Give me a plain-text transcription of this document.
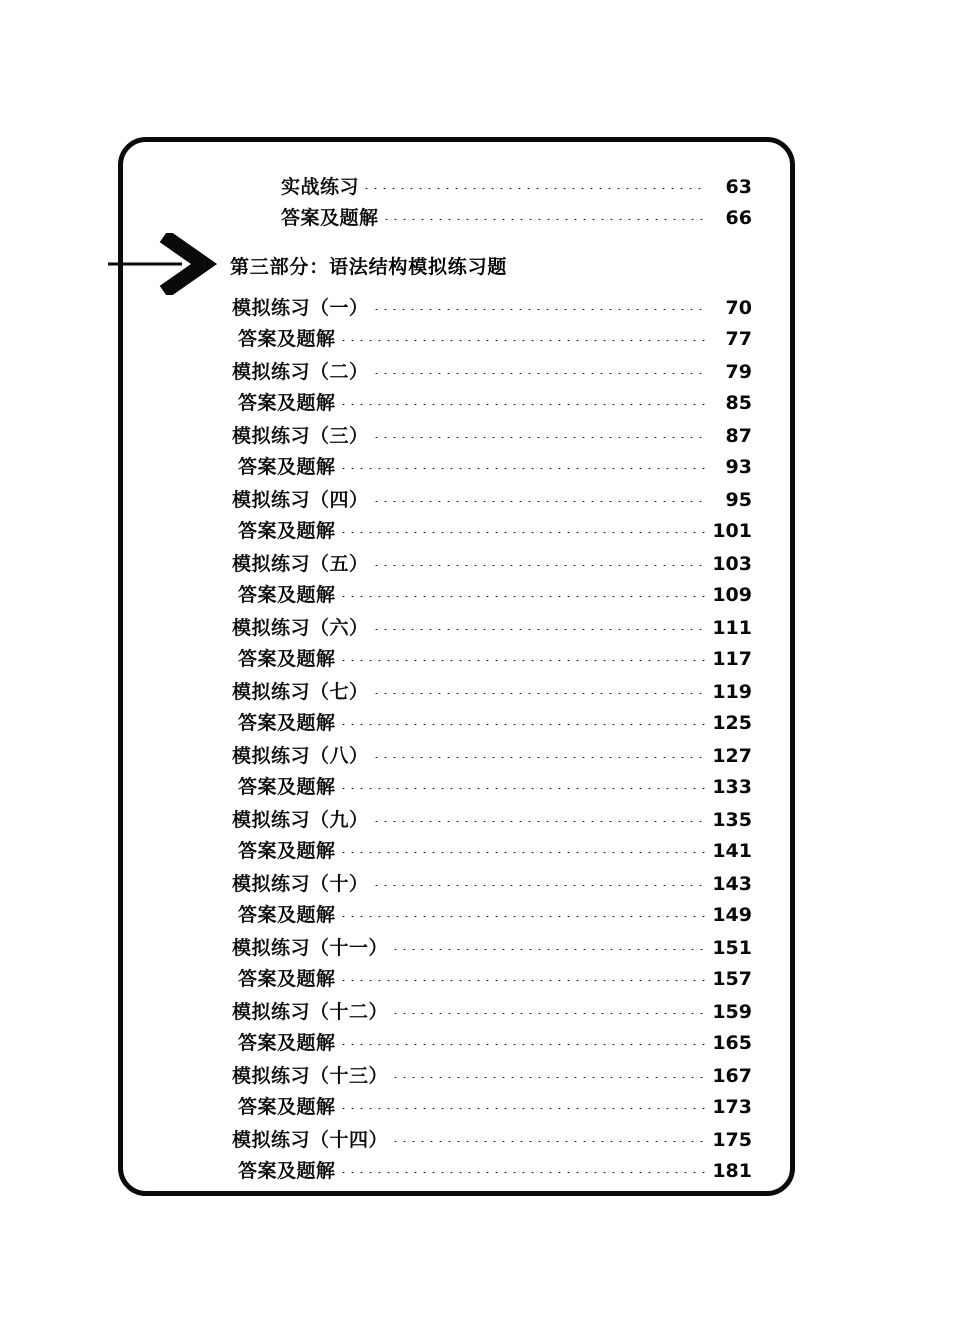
第三部分：语法结构模拟练习题
实战练习	63
答案及题解	66
模拟练习（一）	70
答案及题解	77
模拟练习（二）	79
答案及题解	85
模拟练习（三）	87
答案及题解	93
模拟练习（四）	95
答案及题解	101
模拟练习（五）	103
答案及题解	109
模拟练习（六）	111
答案及题解	117
模拟练习（七）	119
答案及题解	125
模拟练习（八）	127
答案及题解	133
模拟练习（九）	135
答案及题解	141
模拟练习（十）	143
答案及题解	149
模拟练习（十一）	151
答案及题解	157
模拟练习（十二）	159
答案及题解	165
模拟练习（十三）	167
答案及题解	173
模拟练习（十四）	175
答案及题解	181
